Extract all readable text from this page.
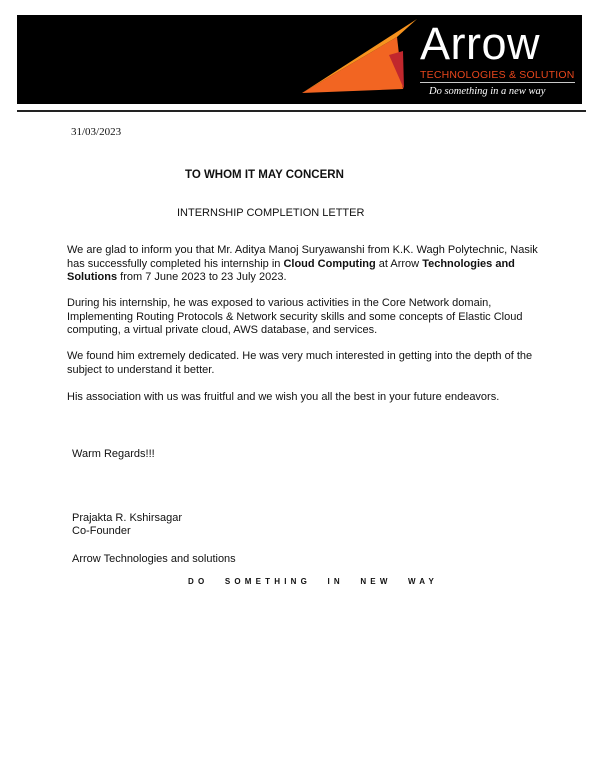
Arrow
TECHNOLOGIES & SOLUTION
Do something in a new way
31/03/2023
TO WHOM IT MAY CONCERN
INTERNSHIP COMPLETION LETTER

We are glad to inform you that Mr. Aditya Manoj Suryawanshi from K.K. Wagh Polytechnic, Nasik has successfully completed his internship in Cloud Computing at Arrow Technologies and Solutions from 7 June 2023 to 23 July 2023.

During his internship, he was exposed to various activities in the Core Network domain, Implementing Routing Protocols & Network security skills and some concepts of Elastic Cloud computing, a virtual private cloud, AWS database, and services.

We found him extremely dedicated. He was very much interested in getting into the depth of the subject to understand it better.

His association with us was fruitful and we wish you all the best in your future endeavors.

Warm Regards!!!
Prajakta R. Kshirsagar
Co-Founder
Arrow Technologies and solutions
DO SOMETHING IN NEW WAY
